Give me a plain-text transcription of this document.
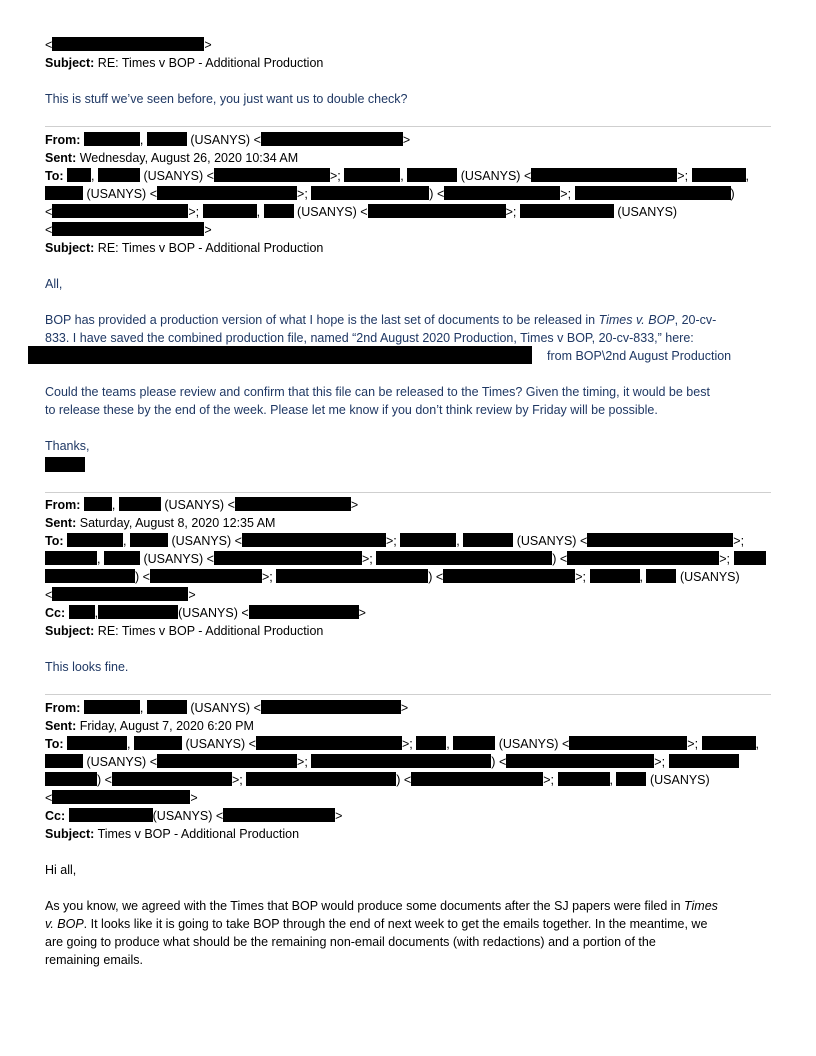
<	>
Subject: RE: Times v BOP - Additional Production
This is stuff we’ve seen before, you just want us to double check?
From:	,	(USANYS) <	>
Sent: Wednesday, August 26, 2020 10:34 AM
To: ,	(USANYS) <	>;	,	(USANYS) <	>;	,
(USANYS) <	>;	) <	>;	)
<	>;	,	(USANYS) <	>;	(USANYS)
<	>
Subject: RE: Times v BOP - Additional Production
All,
BOP has provided a production version of what I hope is the last set of documents to be released in Times v. BOP, 20-cv-
833. I have saved the combined production file, named “2nd August 2020 Production, Times v BOP, 20-cv-833,” here:
from BOP\2nd August Production
Could the teams please review and confirm that this file can be released to the Times? Given the timing, it would be best
to release these by the end of the week. Please let me know if you don’t think review by Friday will be possible.
Thanks,
From:	,	(USANYS) <	>
Sent: Saturday, August 8, 2020 12:35 AM
To:	,	(USANYS) <	>;	,	(USANYS) <	>;
,	(USANYS) <	>;	) <	>;
) <	>;	) <	>;	,	(USANYS)
<	>
Cc: ,	(USANYS) <	>
Subject: RE: Times v BOP - Additional Production
This looks fine.
From:	,	(USANYS) <	>
Sent: Friday, August 7, 2020 6:20 PM
To:	,	(USANYS) <	>;	,	(USANYS) <	>;	,
(USANYS) <	>;	) <	>;
) <	>;	) <	>;	,	(USANYS)
<	>
Cc:	(USANYS) <	>
Subject: Times v BOP - Additional Production
Hi all,
As you know, we agreed with the Times that BOP would produce some documents after the SJ papers were filed in Times
v. BOP. It looks like it is going to take BOP through the end of next week to get the emails together. In the meantime, we
are going to produce what should be the remaining non-email documents (with redactions) and a portion of the
remaining emails.
